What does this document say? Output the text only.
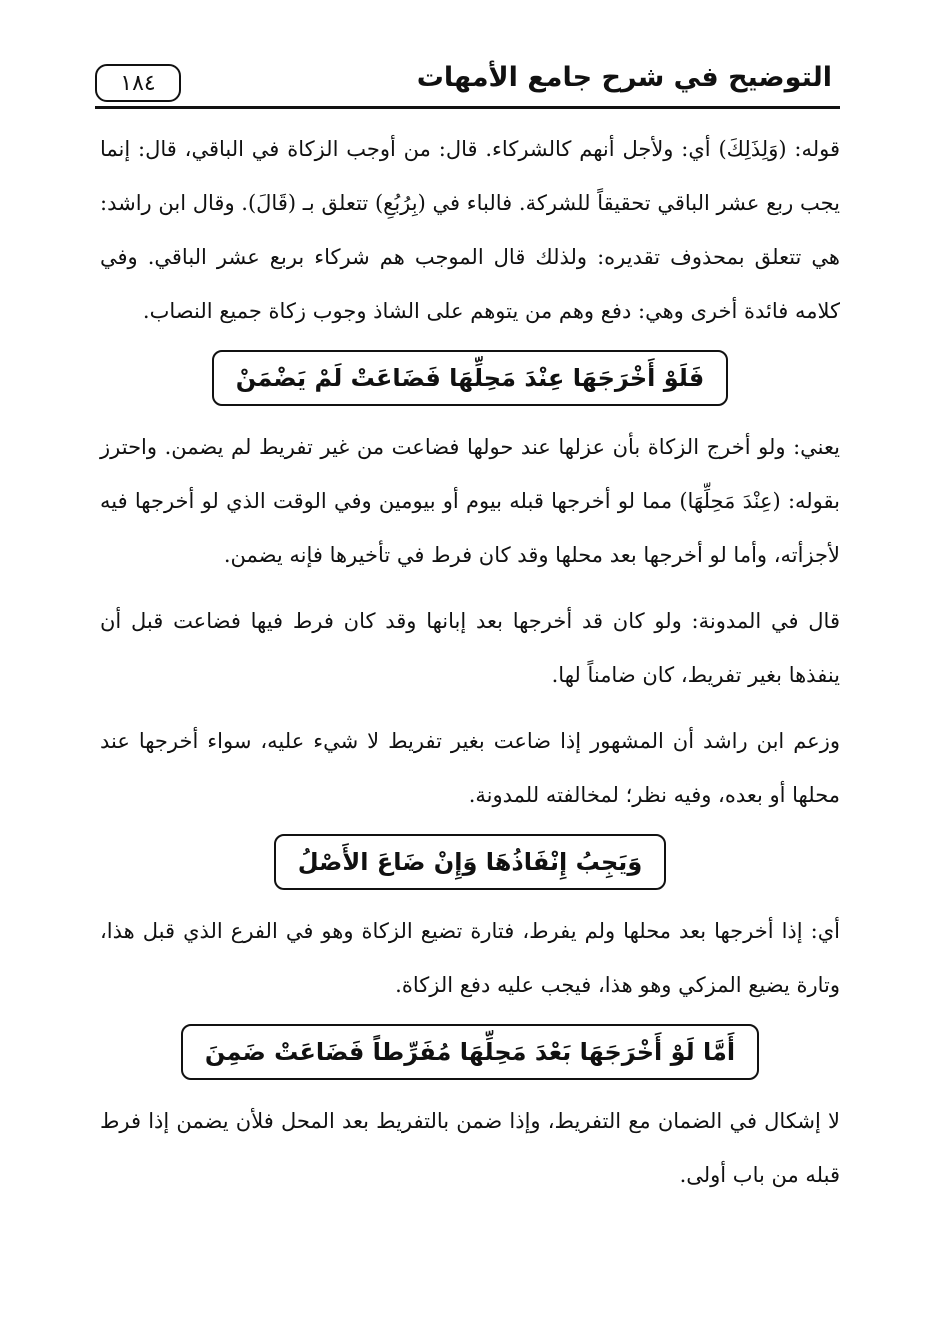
١٨٤	التوضيح في شرح جامع الأمهات

قوله: (وَلِذَلِكَ) أي: ولأجل أنهم كالشركاء. قال: من أوجب الزكاة في الباقي، قال: إنما يجب ربع عشر الباقي تحقيقاً للشركة. فالباء في (بِرُبُعِ) تتعلق بـ (قَالَ). وقال ابن راشد: هي تتعلق بمحذوف تقديره: ولذلك قال الموجب هم شركاء بربع عشر الباقي. وفي كلامه فائدة أخرى وهي: دفع وهم من يتوهم على الشاذ وجوب زكاة جميع النصاب.

فَلَوْ أَخْرَجَهَا عِنْدَ مَحِلِّهَا فَضَاعَتْ لَمْ يَضْمَنْ

يعني: ولو أخرج الزكاة بأن عزلها عند حولها فضاعت من غير تفريط لم يضمن. واحترز بقوله: (عِنْدَ مَحِلِّهَا) مما لو أخرجها قبله بيوم أو بيومين وفي الوقت الذي لو أخرجها فيه لأجزأته، وأما لو أخرجها بعد محلها وقد كان فرط في تأخيرها فإنه يضمن.

قال في المدونة: ولو كان قد أخرجها بعد إبانها وقد كان فرط فيها فضاعت قبل أن ينفذها بغير تفريط، كان ضامناً لها.

وزعم ابن راشد أن المشهور إذا ضاعت بغير تفريط لا شيء عليه، سواء أخرجها عند محلها أو بعده، وفيه نظر؛ لمخالفته للمدونة.

وَيَجِبُ إِنْفَاذُهَا وَإِنْ ضَاعَ الأَصْلُ

أي: إذا أخرجها بعد محلها ولم يفرط، فتارة تضيع الزكاة وهو في الفرع الذي قبل هذا، وتارة يضيع المزكي وهو هذا، فيجب عليه دفع الزكاة.

أَمَّا لَوْ أَخْرَجَهَا بَعْدَ مَحِلِّهَا مُفَرِّطاً فَضَاعَتْ ضَمِنَ

لا إشكال في الضمان مع التفريط، وإذا ضمن بالتفريط بعد المحل فلأن يضمن إذا فرط قبله من باب أولى.
